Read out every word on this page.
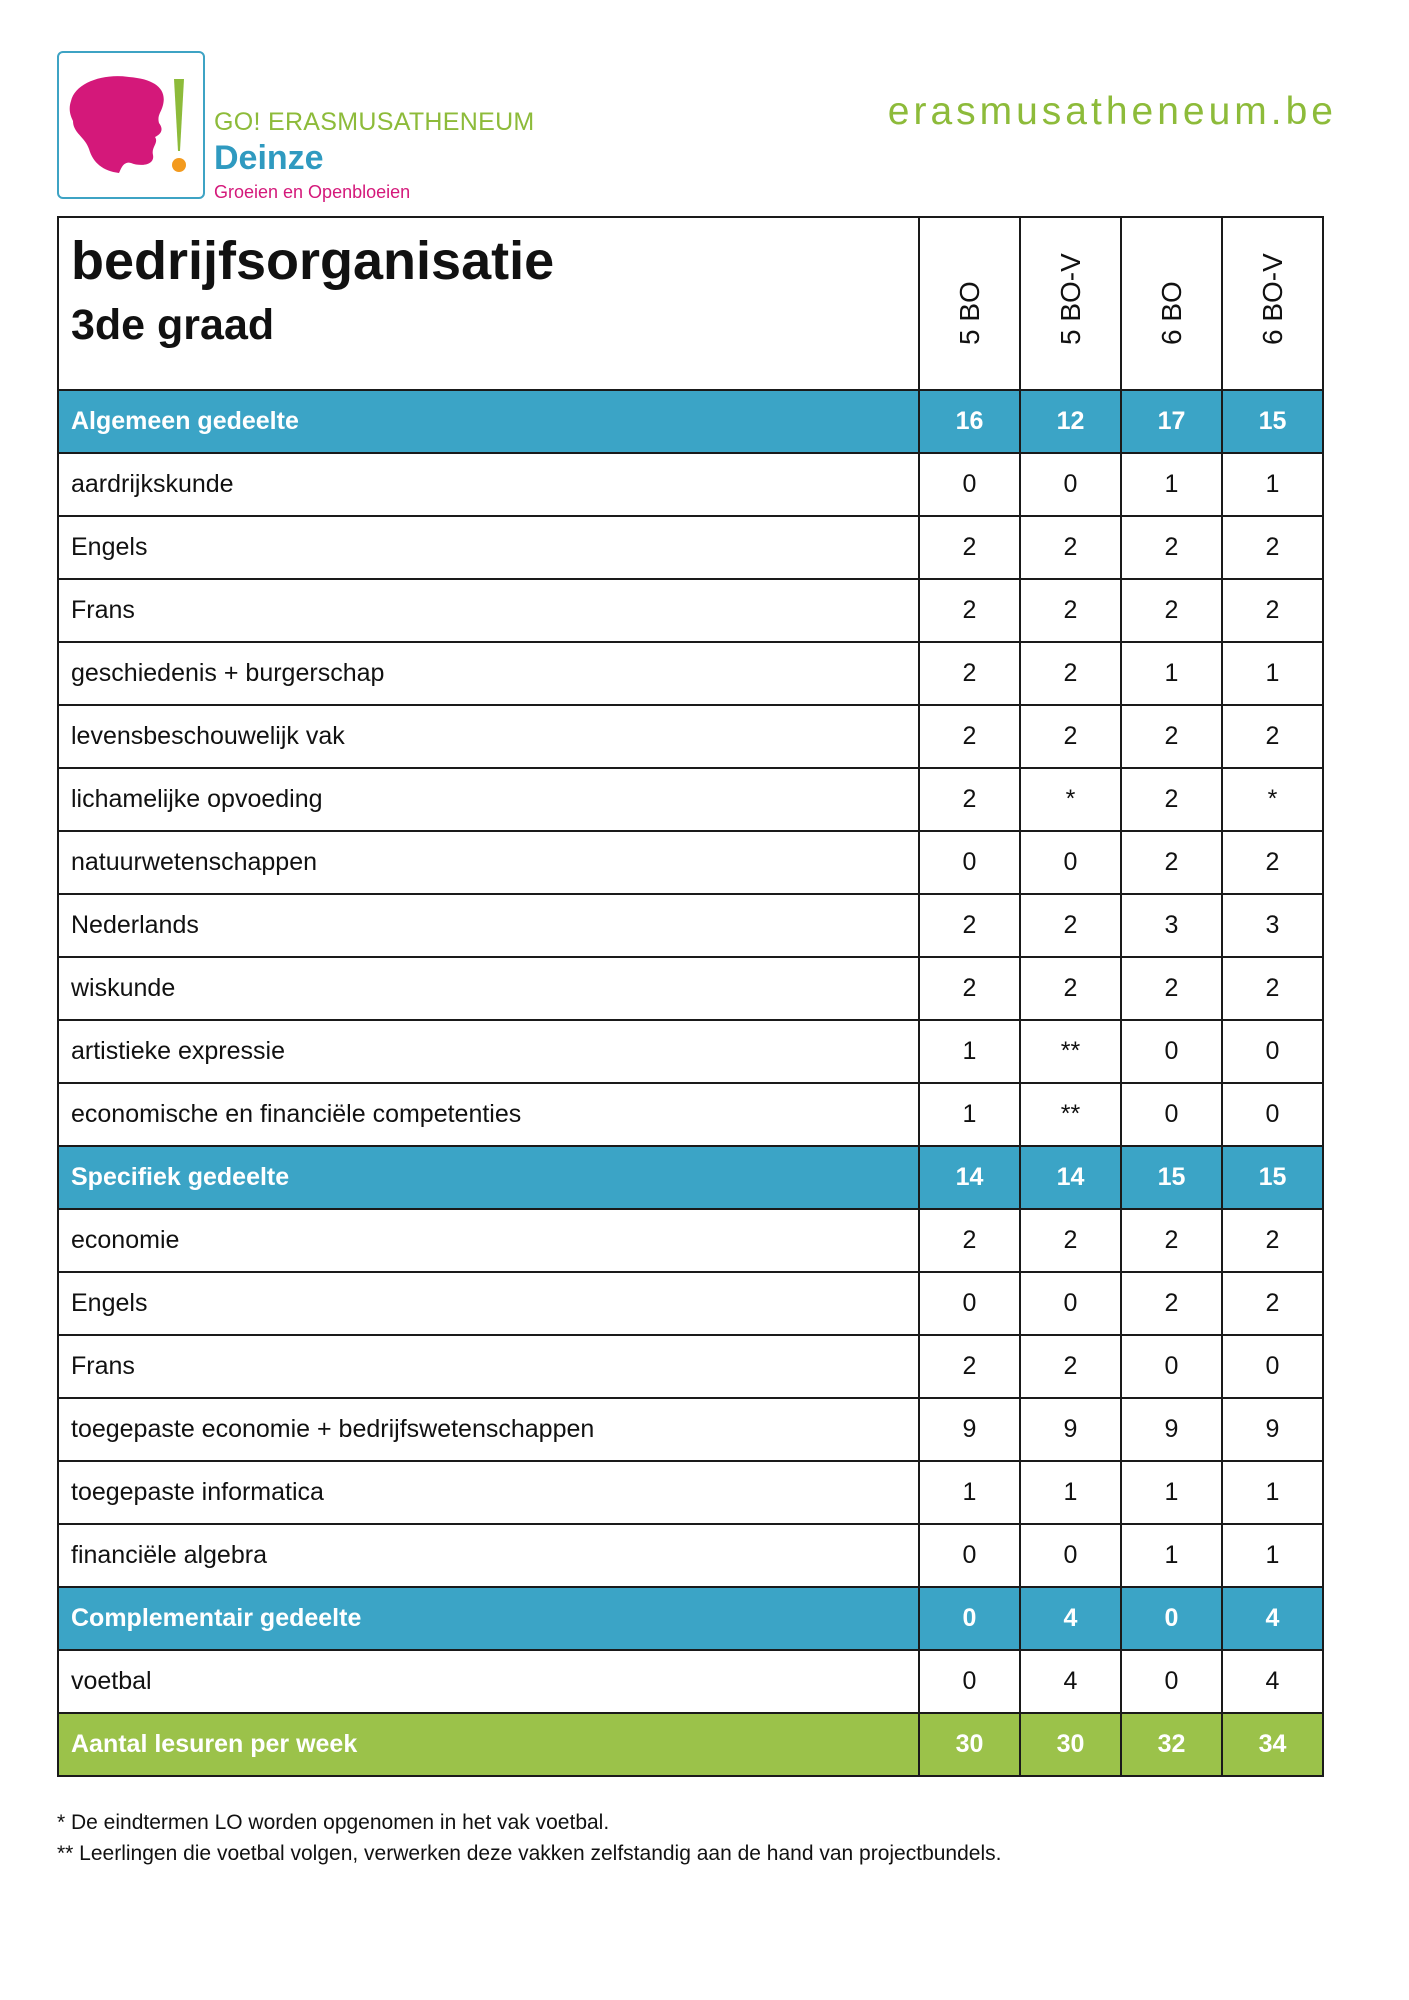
GO! ERASMUSATHENEUM
Deinze
Groeien en Openbloeien
erasmusatheneum.be
bedrijfsorganisatie
3de graad	5 BO	5 BO-V	6 BO	6 BO-V

Algemeen gedeelte	16	12	17	15
aardrijkskunde	0	0	1	1
Engels	2	2	2	2
Frans	2	2	2	2
geschiedenis + burgerschap	2	2	1	1
levensbeschouwelijk vak	2	2	2	2
lichamelijke opvoeding	2	*	2	*
natuurwetenschappen	0	0	2	2
Nederlands	2	2	3	3
wiskunde	2	2	2	2
artistieke expressie	1	**	0	0
economische en financiële competenties	1	**	0	0
Specifiek gedeelte	14	14	15	15
economie	2	2	2	2
Engels	0	0	2	2
Frans	2	2	0	0
toegepaste economie + bedrijfswetenschappen	9	9	9	9
toegepaste informatica	1	1	1	1
financiële algebra	0	0	1	1
Complementair gedeelte	0	4	0	4
voetbal	0	4	0	4
Aantal lesuren per week	30	30	32	34
* De eindtermen LO worden opgenomen in het vak voetbal.
** Leerlingen die voetbal volgen, verwerken deze vakken zelfstandig aan de hand van projectbundels.
